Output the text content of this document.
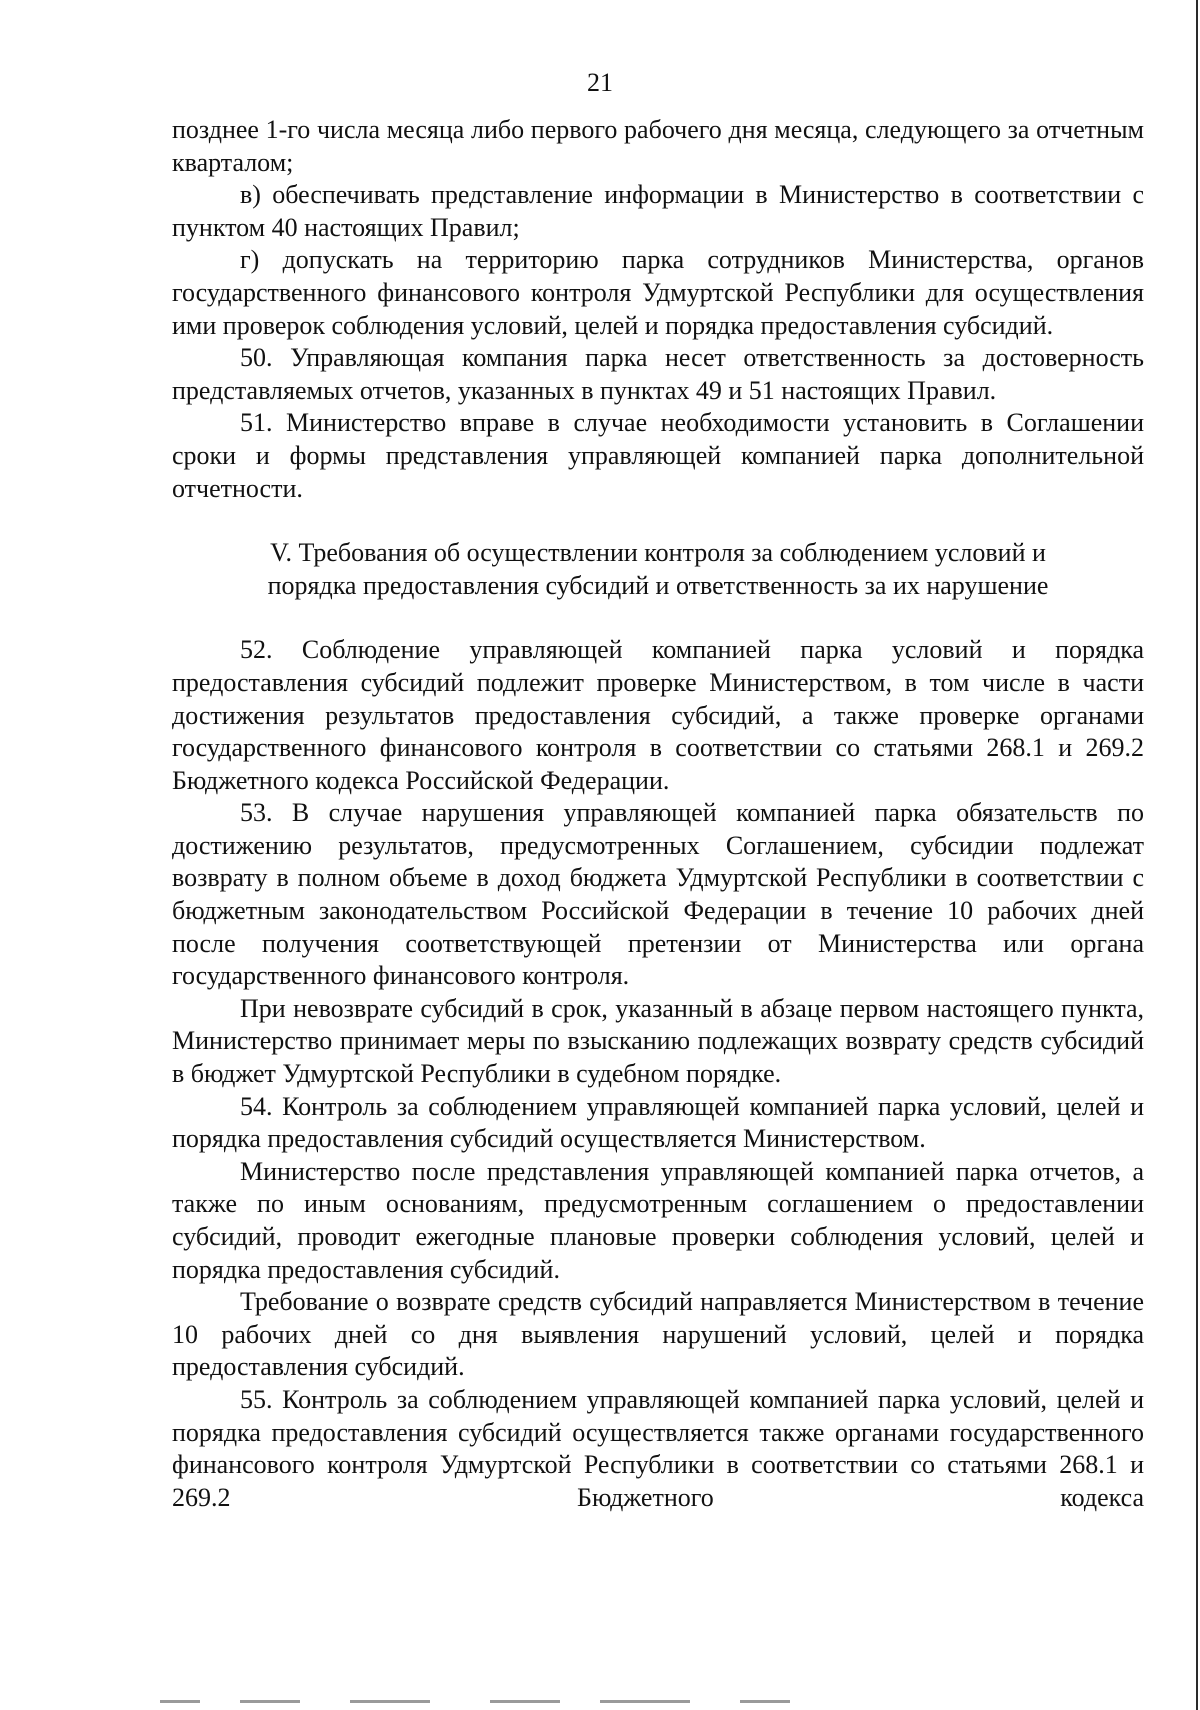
21

позднее 1-го числа месяца либо первого рабочего дня месяца, следующего за отчетным кварталом;

в) обеспечивать представление информации в Министерство в соответствии с пунктом 40 настоящих Правил;

г) допускать на территорию парка сотрудников Министерства, органов государственного финансового контроля Удмуртской Республики для осуществления ими проверок соблюдения условий, целей и порядка предоставления субсидий.

50. Управляющая компания парка несет ответственность за достоверность представляемых отчетов, указанных в пунктах 49 и 51 настоящих Правил.

51. Министерство вправе в случае необходимости установить в Соглашении сроки и формы представления управляющей компанией парка дополнительной отчетности.

V. Требования об осуществлении контроля за соблюдением условий и

порядка предоставления субсидий и ответственность за их нарушение

52. Соблюдение управляющей компанией парка условий и порядка предоставления субсидий подлежит проверке Министерством, в том числе в части достижения результатов предоставления субсидий, а также проверке органами государственного финансового контроля в соответствии со статьями 268.1 и 269.2 Бюджетного кодекса Российской Федерации.

53. В случае нарушения управляющей компанией парка обязательств по достижению результатов, предусмотренных Соглашением, субсидии подлежат возврату в полном объеме в доход бюджета Удмуртской Республики в соответствии с бюджетным законодательством Российской Федерации в течение 10 рабочих дней после получения соответствующей претензии от Министерства или органа государственного финансового контроля.

При невозврате субсидий в срок, указанный в абзаце первом настоящего пункта, Министерство принимает меры по взысканию подлежащих возврату средств субсидий в бюджет Удмуртской Республики в судебном порядке.

54. Контроль за соблюдением управляющей компанией парка условий, целей и порядка предоставления субсидий осуществляется Министерством.

Министерство после представления управляющей компанией парка отчетов, а также по иным основаниям, предусмотренным соглашением о предоставлении субсидий, проводит ежегодные плановые проверки соблюдения условий, целей и порядка предоставления субсидий.

Требование о возврате средств субсидий направляется Министерством в течение 10 рабочих дней со дня выявления нарушений условий, целей и порядка предоставления субсидий.

55. Контроль за соблюдением управляющей компанией парка условий, целей и порядка предоставления субсидий осуществляется также органами государственного финансового контроля Удмуртской Республики в соответствии со статьями 268.1 и 269.2 Бюджетного кодекса
